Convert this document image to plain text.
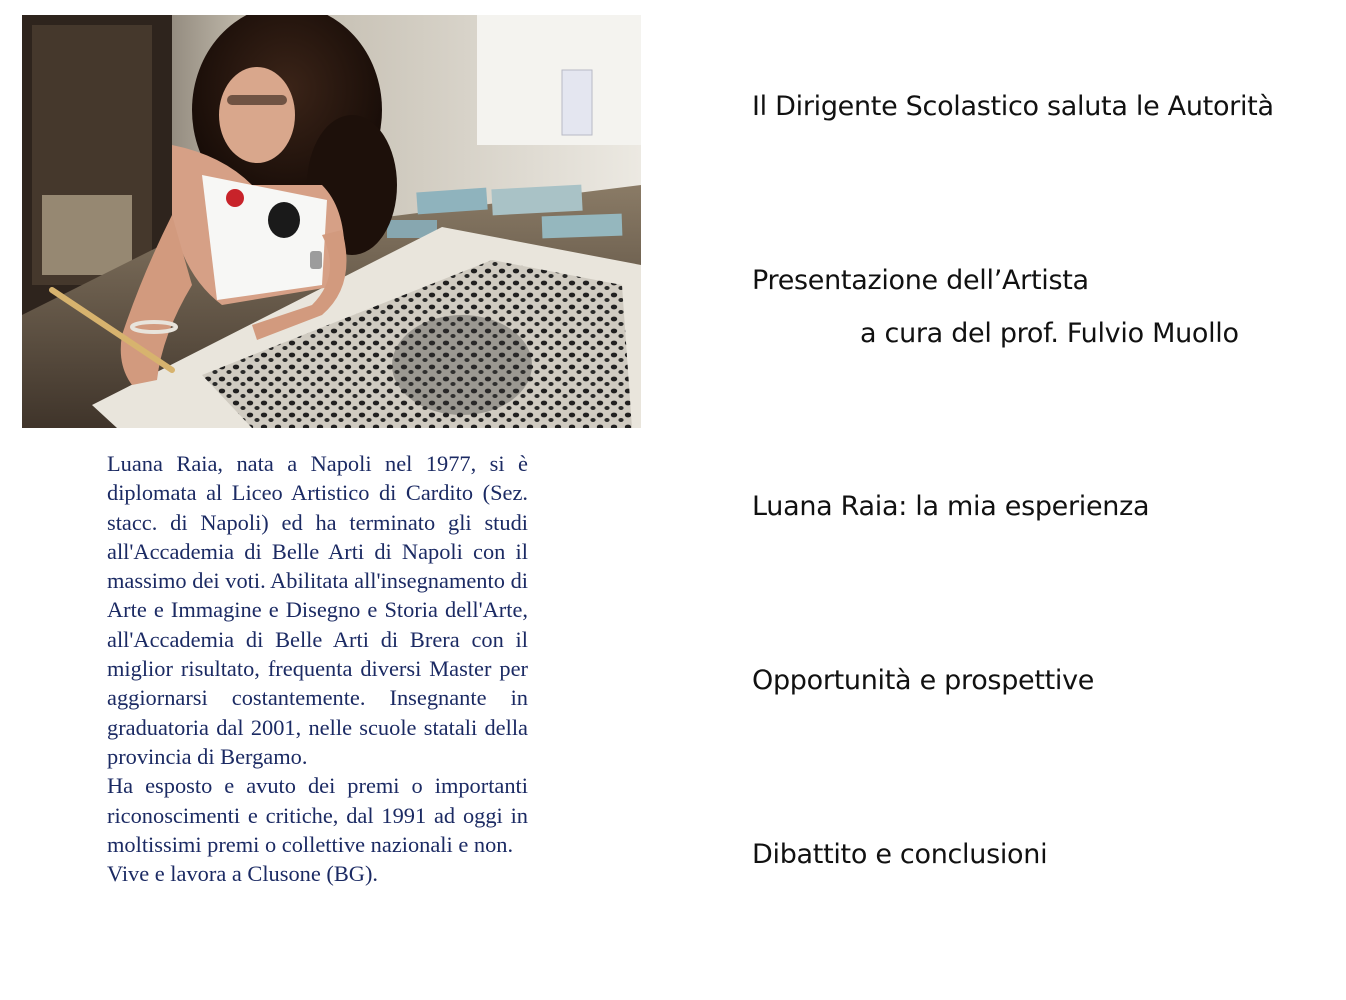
Luana Raia, nata a Napoli nel 1977, si è diplomata al Liceo Artistico di Cardito (Sez. stacc. di Napoli) ed ha terminato gli studi all'Accademia di Belle Arti di Napoli con il massimo dei voti. Abilitata all'insegnamento di Arte e Immagine e Disegno e Storia dell'Arte, all'Accademia di Belle Arti di Brera con il miglior risultato, frequenta diversi Master per aggiornarsi costantemente. Insegnante in graduatoria dal 2001, nelle scuole statali della provincia di Bergamo.

Ha esposto e avuto dei premi o importanti riconoscimenti e critiche, dal 1991 ad oggi in moltissimi premi o collettive nazionali e non.

Vive e lavora a Clusone (BG).

Il Dirigente Scolastico saluta le Autorità
Presentazione dell’Artista
a cura del prof. Fulvio Muollo
Luana Raia: la mia esperienza
Opportunità e prospettive
Dibattito e conclusioni
